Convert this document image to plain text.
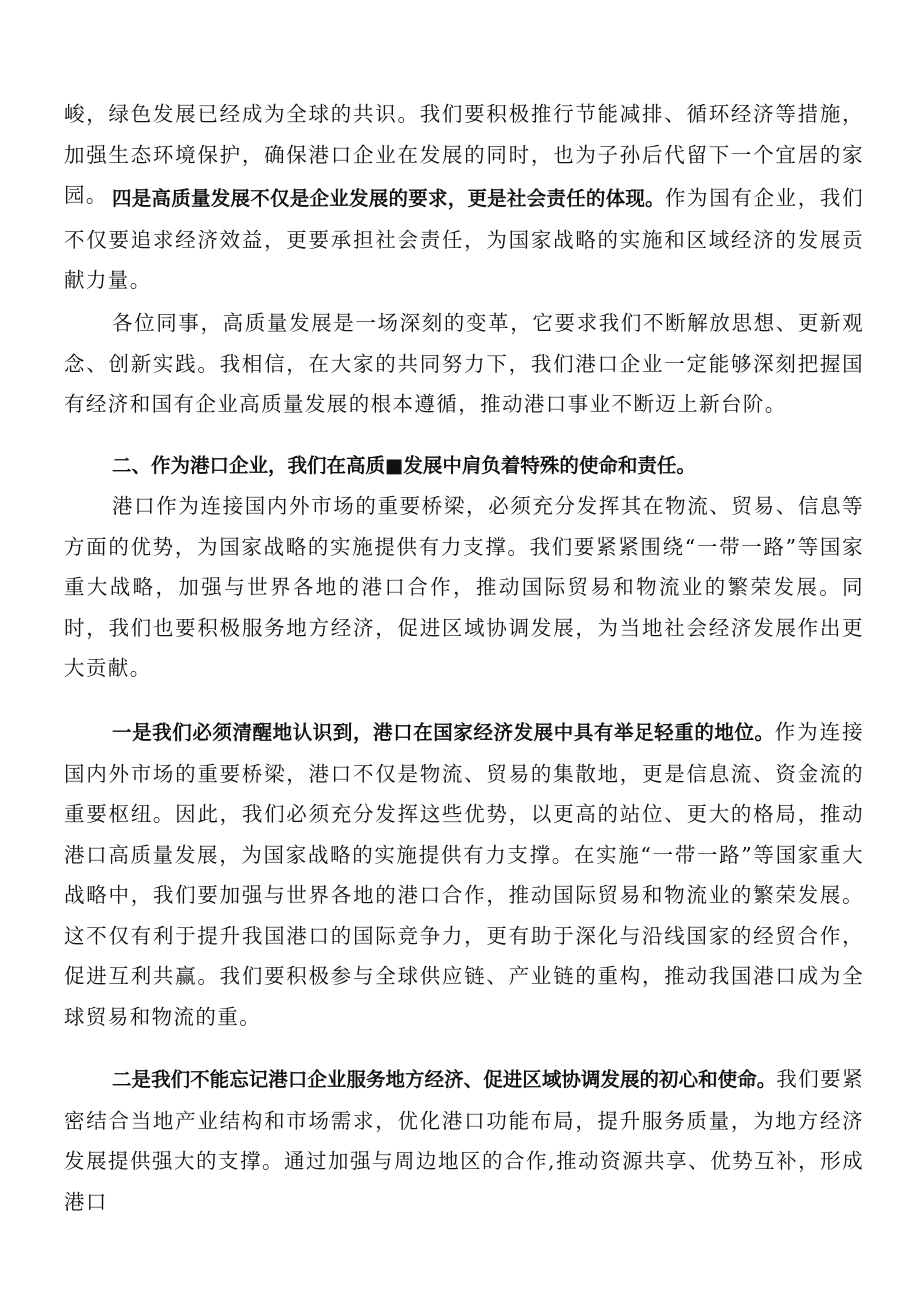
峻，绿色发展已经成为全球的共识。我们要积极推行节能减排、循环经济等措施，加强生态环境保护，确保港口企业在发展的同时，也为子孙后代留下一个宜居的家园。 四是高质量发展不仅是企业发展的要求，更是社会责任的体现。作为国有企业，我们不仅要追求经济效益，更要承担社会责任，为国家战略的实施和区域经济的发展贡献力量。

各位同事，高质量发展是一场深刻的变革，它要求我们不断解放思想、更新观念、创新实践。我相信，在大家的共同努力下，我们港口企业一定能够深刻把握国有经济和国有企业高质量发展的根本遵循，推动港口事业不断迈上新台阶。

二、作为港口企业，我们在高质■发展中肩负着特殊的使命和责任。

港口作为连接国内外市场的重要桥梁，必须充分发挥其在物流、贸易、信息等方面的优势，为国家战略的实施提供有力支撑。我们要紧紧围绕“一带一路”等国家重大战略，加强与世界各地的港口合作，推动国际贸易和物流业的繁荣发展。同时，我们也要积极服务地方经济，促进区域协调发展，为当地社会经济发展作出更大贡献。

一是我们必须清醒地认识到，港口在国家经济发展中具有举足轻重的地位。作为连接国内外市场的重要桥梁，港口不仅是物流、贸易的集散地，更是信息流、资金流的重要枢纽。因此，我们必须充分发挥这些优势，以更高的站位、更大的格局，推动港口高质量发展，为国家战略的实施提供有力支撑。在实施“一带一路”等国家重大战略中，我们要加强与世界各地的港口合作，推动国际贸易和物流业的繁荣发展。这不仅有利于提升我国港口的国际竞争力，更有助于深化与沿线国家的经贸合作，促进互利共赢。我们要积极参与全球供应链、产业链的重构，推动我国港口成为全球贸易和物流的重。

二是我们不能忘记港口企业服务地方经济、促进区域协调发展的初心和使命。我们要紧密结合当地产业结构和市场需求，优化港口功能布局，提升服务质量，为地方经济发展提供强大的支撑。通过加强与周边地区的合作,推动资源共享、优势互补，形成港口
